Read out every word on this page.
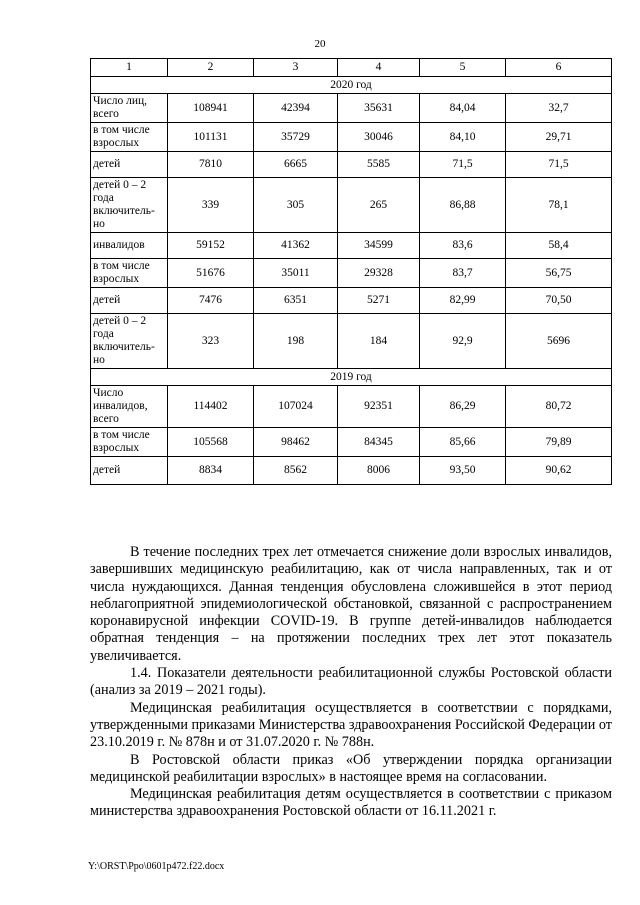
20
1	2	3	4	5	6
2020 год					
Число лиц, всего	108941	42394	35631	84,04	32,7
в том числе взрослых	101131	35729	30046	84,10	29,71
детей	7810	6665	5585	71,5	71,5
детей 0 – 2 года включитель-но	339	305	265	86,88	78,1
инвалидов	59152	41362	34599	83,6	58,4
в том числе взрослых	51676	35011	29328	83,7	56,75
детей	7476	6351	5271	82,99	70,50
детей 0 – 2 года включитель-но	323	198	184	92,9	5696
2019 год					
Число инвалидов, всего	114402	107024	92351	86,29	80,72
в том числе взрослых	105568	98462	84345	85,66	79,89
детей	8834	8562	8006	93,50	90,62

В течение последних трех лет отмечается снижение доли взрослых инвалидов, завершивших медицинскую реабилитацию, как от числа направленных, так и от числа нуждающихся. Данная тенденция обусловлена сложившейся в этот период неблагоприятной эпидемиологической обстановкой, связанной с распространением коронавирусной инфекции COVID-19. В группе детей-инвалидов наблюдается обратная тенденция – на протяжении последних трех лет этот показатель увеличивается.

1.4. Показатели деятельности реабилитационной службы Ростовской области (анализ за 2019 – 2021 годы).

Медицинская реабилитация осуществляется в соответствии с порядками, утвержденными приказами Министерства здравоохранения Российской Федерации от 23.10.2019 г. № 878н и от 31.07.2020 г. № 788н.

В Ростовской области приказ «Об утверждении порядка организации медицинской реабилитации взрослых» в настоящее время на согласовании.

Медицинская реабилитация детям осуществляется в соответствии с приказом министерства здравоохранения Ростовской области от 16.11.2021 г.

Y:\ORST\Ppo\0601p472.f22.docx
